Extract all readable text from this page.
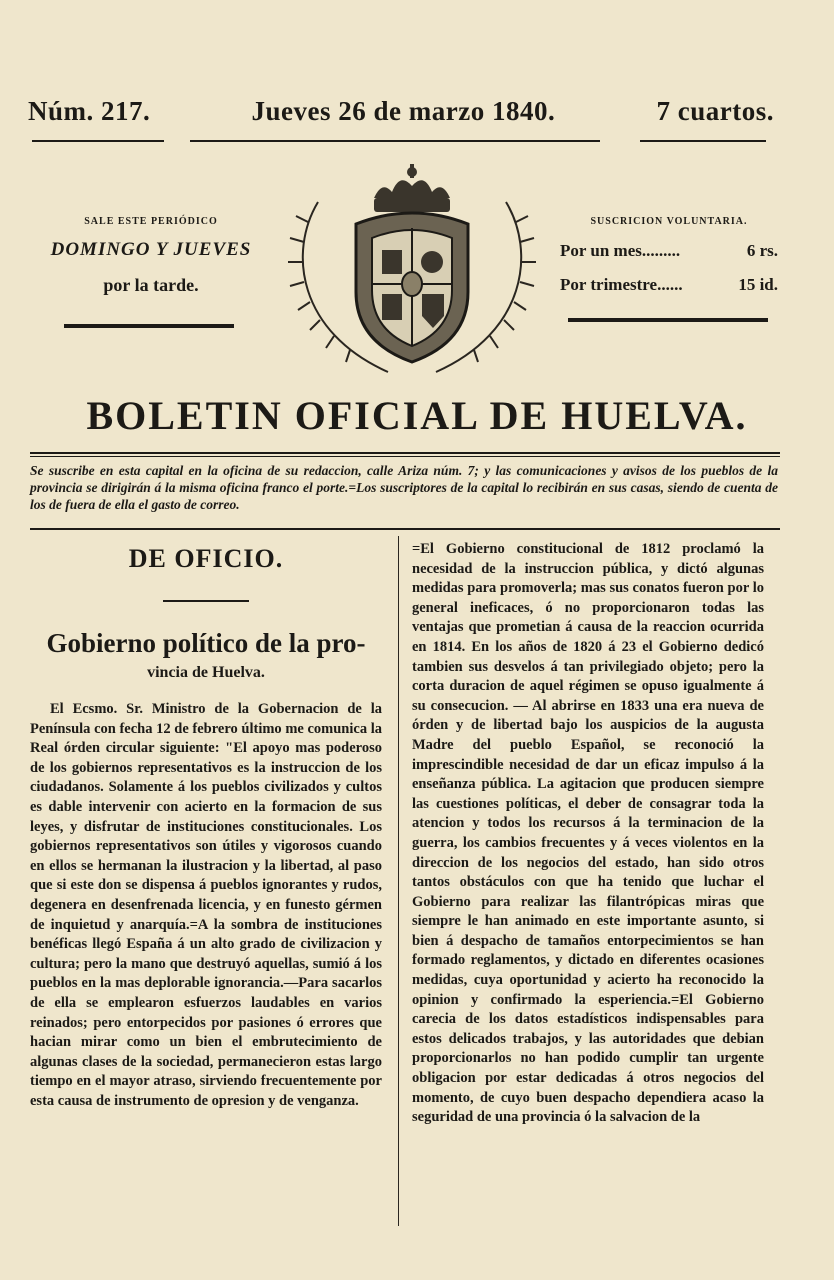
Núm. 217.	Jueves 26 de marzo 1840.	7 cuartos.
SALE ESTE PERIÓDICO
DOMINGO Y JUEVES
por la tarde.
SUSCRICION VOLUNTARIA.
Por un mes.........	6 rs.
Por trimestre......	15 id.
BOLETIN OFICIAL DE HUELVA.
Se suscribe en esta capital en la oficina de su redaccion, calle Ariza núm. 7; y las comunicaciones y avisos de los pueblos de la provincia se dirigirán á la misma oficina franco el porte.=Los suscriptores de la capital lo recibirán en sus casas, siendo de cuenta de los de fuera de ella el gasto de correo.
DE OFICIO.
Gobierno político de la pro-
vincia de Huelva.
El Ecsmo. Sr. Ministro de la Gobernacion de la Península con fecha 12 de febrero último me comunica la Real órden circular siguiente: "El apoyo mas poderoso de los gobiernos representativos es la instruccion de los ciudadanos. Solamente á los pueblos civilizados y cultos es dable intervenir con acierto en la formacion de sus leyes, y disfrutar de instituciones constitucionales. Los gobiernos representativos son útiles y vigorosos cuando en ellos se hermanan la ilustracion y la libertad, al paso que si este don se dispensa á pueblos ignorantes y rudos, degenera en desenfrenada licencia, y en funesto gérmen de inquietud y anarquía.=A la sombra de instituciones benéficas llegó España á un alto grado de civilizacion y cultura; pero la mano que destruyó aquellas, sumió á los pueblos en la mas deplorable ignorancia.—Para sacarlos de ella se emplearon esfuerzos laudables en varios reinados; pero entorpecidos por pasiones ó errores que hacian mirar como un bien el embrutecimiento de algunas clases de la sociedad, permanecieron estas largo tiempo en el mayor atraso, sirviendo frecuentemente por esta causa de instrumento de opresion y de venganza.
=El Gobierno constitucional de 1812 proclamó la necesidad de la instruccion pública, y dictó algunas medidas para promoverla; mas sus conatos fueron por lo general ineficaces, ó no proporcionaron todas las ventajas que prometian á causa de la reaccion ocurrida en 1814. En los años de 1820 á 23 el Gobierno dedicó tambien sus desvelos á tan privilegiado objeto; pero la corta duracion de aquel régimen se opuso igualmente á su consecucion. — Al abrirse en 1833 una era nueva de órden y de libertad bajo los auspicios de la augusta Madre del pueblo Español, se reconoció la imprescindible necesidad de dar un eficaz impulso á la enseñanza pública. La agitacion que producen siempre las cuestiones políticas, el deber de consagrar toda la atencion y todos los recursos á la terminacion de la guerra, los cambios frecuentes y á veces violentos en la direccion de los negocios del estado, han sido otros tantos obstáculos con que ha tenido que luchar el Gobierno para realizar las filantrópicas miras que siempre le han animado en este importante asunto, si bien á despacho de tamaños entorpecimientos se han formado reglamentos, y dictado en diferentes ocasiones medidas, cuya oportunidad y acierto ha reconocido la opinion y confirmado la esperiencia.=El Gobierno carecia de los datos estadísticos indispensables para estos delicados trabajos, y las autoridades que debian proporcionarlos no han podido cumplir tan urgente obligacion por estar dedicadas á otros negocios del momento, de cuyo buen despacho dependiera acaso la seguridad de una provincia ó la salvacion de la
